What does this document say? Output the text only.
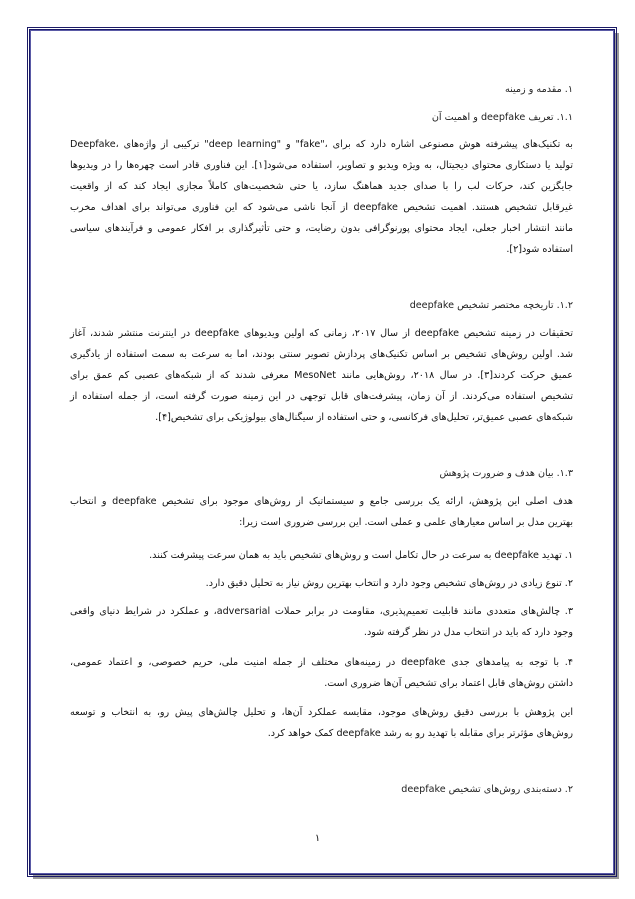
۱. مقدمه و زمینه
۱.۱. تعریف deepfake و اهمیت آن
Deepfake، ترکیبی از واژه‌های "deep learning" و "fake"، به تکنیک‌های پیشرفته هوش مصنوعی اشاره دارد که برای
تولید یا دستکاری محتوای دیجیتال، به ویژه ویدیو و تصاویر، استفاده می‌شود[۱]. این فناوری قادر است چهره‌ها را در ویدیوها
جایگزین کند، حرکات لب را با صدای جدید هماهنگ سازد، یا حتی شخصیت‌های کاملاً مجازی ایجاد کند که از واقعیت
غیرقابل تشخیص هستند. اهمیت تشخیص deepfake از آنجا ناشی می‌شود که این فناوری می‌تواند برای اهداف مخرب
مانند انتشار اخبار جعلی، ایجاد محتوای پورنوگرافی بدون رضایت، و حتی تأثیرگذاری بر افکار عمومی و فرآیندهای سیاسی
استفاده شود[۲].
۱.۲. تاریخچه مختصر تشخیص deepfake
تحقیقات در زمینه تشخیص deepfake از سال ۲۰۱۷، زمانی که اولین ویدیوهای deepfake در اینترنت منتشر شدند، آغاز
شد. اولین روش‌های تشخیص بر اساس تکنیک‌های پردازش تصویر سنتی بودند، اما به سرعت به سمت استفاده از یادگیری
عمیق حرکت کردند[۳]. در سال ۲۰۱۸، روش‌هایی مانند MesoNet معرفی شدند که از شبکه‌های عصبی کم عمق برای
تشخیص استفاده می‌کردند. از آن زمان، پیشرفت‌های قابل توجهی در این زمینه صورت گرفته است، از جمله استفاده از
شبکه‌های عصبی عمیق‌تر، تحلیل‌های فرکانسی، و حتی استفاده از سیگنال‌های بیولوژیکی برای تشخیص[۴].
۱.۳. بیان هدف و ضرورت پژوهش
هدف اصلی این پژوهش، ارائه یک بررسی جامع و سیستماتیک از روش‌های موجود برای تشخیص deepfake و انتخاب
بهترین مدل بر اساس معیارهای علمی و عملی است. این بررسی ضروری است زیرا:
۱. تهدید deepfake به سرعت در حال تکامل است و روش‌های تشخیص باید به همان سرعت پیشرفت کنند.
۲. تنوع زیادی در روش‌های تشخیص وجود دارد و انتخاب بهترین روش نیاز به تحلیل دقیق دارد.
۳. چالش‌های متعددی مانند قابلیت تعمیم‌پذیری، مقاومت در برابر حملات adversarial، و عملکرد در شرایط دنیای واقعی
وجود دارد که باید در انتخاب مدل در نظر گرفته شود.
۴. با توجه به پیامدهای جدی deepfake در زمینه‌های مختلف از جمله امنیت ملی، حریم خصوصی، و اعتماد عمومی،
داشتن روش‌های قابل اعتماد برای تشخیص آن‌ها ضروری است.
این پژوهش با بررسی دقیق روش‌های موجود، مقایسه عملکرد آن‌ها، و تحلیل چالش‌های پیش رو، به انتخاب و توسعه
روش‌های مؤثرتر برای مقابله با تهدید رو به رشد deepfake کمک خواهد کرد.
۲. دسته‌بندی روش‌های تشخیص deepfake
۱
